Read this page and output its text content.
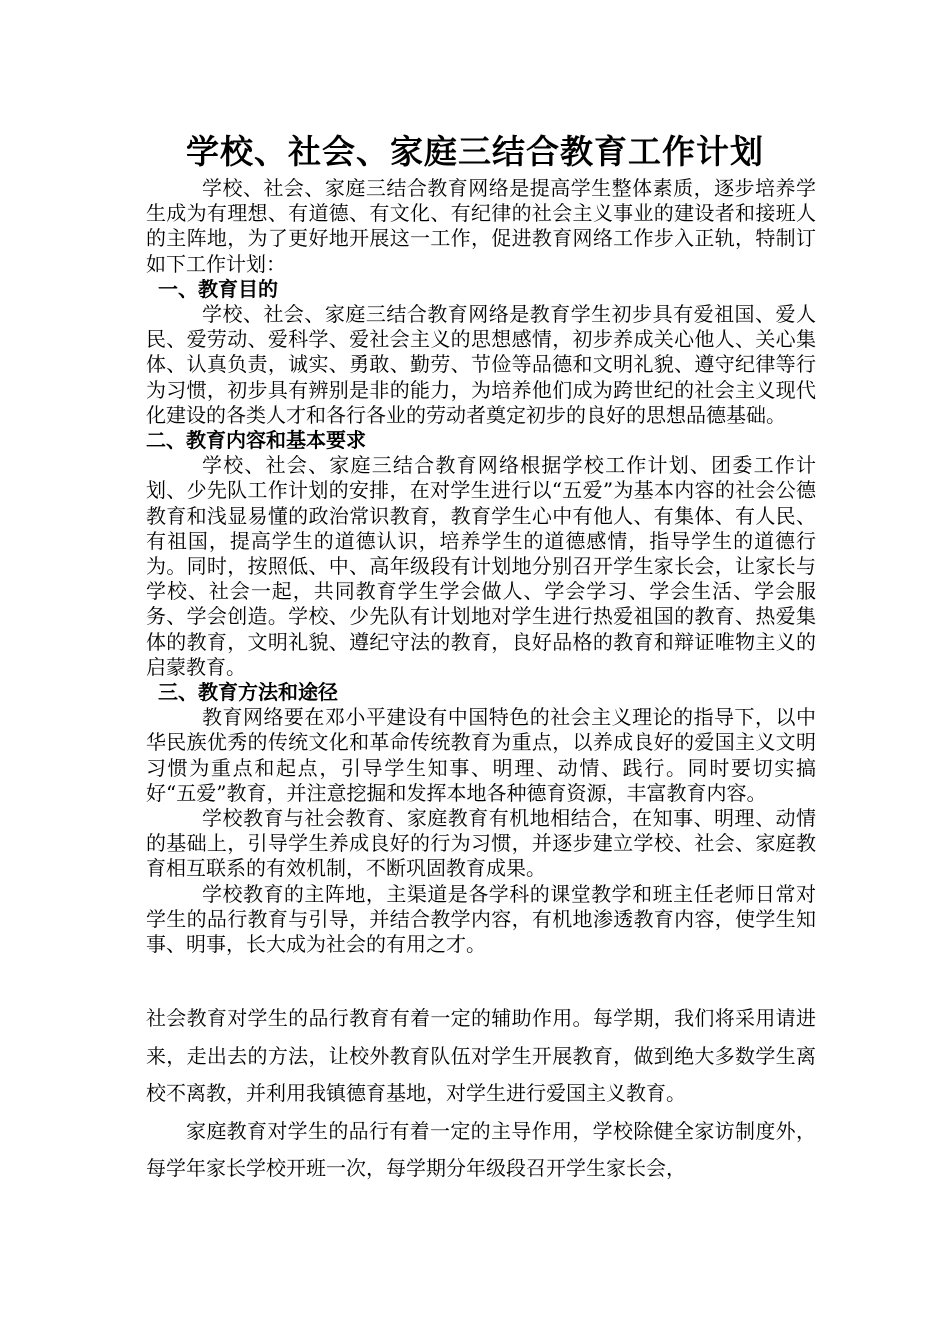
学校、社会、家庭三结合教育工作计划

学校、社会、家庭三结合教育网络是提高学生整体素质，逐步培养学生成为有理想、有道德、有文化、有纪律的社会主义事业的建设者和接班人的主阵地，为了更好地开展这一工作，促进教育网络工作步入正轨，特制订如下工作计划：

一、教育目的

学校、社会、家庭三结合教育网络是教育学生初步具有爱祖国、爱人民、爱劳动、爱科学、爱社会主义的思想感情，初步养成关心他人、关心集体、认真负责，诚实、勇敢、勤劳、节俭等品德和文明礼貌、遵守纪律等行为习惯，初步具有辨别是非的能力，为培养他们成为跨世纪的社会主义现代化建设的各类人才和各行各业的劳动者奠定初步的良好的思想品德基础。

二、教育内容和基本要求

学校、社会、家庭三结合教育网络根据学校工作计划、团委工作计划、少先队工作计划的安排，在对学生进行以“五爱”为基本内容的社会公德教育和浅显易懂的政治常识教育，教育学生心中有他人、有集体、有人民、有祖国，提高学生的道德认识，培养学生的道德感情，指导学生的道德行为。同时，按照低、中、高年级段有计划地分别召开学生家长会，让家长与学校、社会一起，共同教育学生学会做人、学会学习、学会生活、学会服务、学会创造。学校、少先队有计划地对学生进行热爱祖国的教育、热爱集体的教育，文明礼貌、遵纪守法的教育，良好品格的教育和辩证唯物主义的启蒙教育。

三、教育方法和途径

教育网络要在邓小平建设有中国特色的社会主义理论的指导下，以中华民族优秀的传统文化和革命传统教育为重点，以养成良好的爱国主义文明习惯为重点和起点，引导学生知事、明理、动情、践行。同时要切实搞好“五爱”教育，并注意挖掘和发挥本地各种德育资源，丰富教育内容。

学校教育与社会教育、家庭教育有机地相结合，在知事、明理、动情的基础上，引导学生养成良好的行为习惯，并逐步建立学校、社会、家庭教育相互联系的有效机制，不断巩固教育成果。

学校教育的主阵地，主渠道是各学科的课堂教学和班主任老师日常对学生的品行教育与引导，并结合教学内容，有机地渗透教育内容，使学生知事、明事，长大成为社会的有用之才。

社会教育对学生的品行教育有着一定的辅助作用。每学期，我们将采用请进来，走出去的方法，让校外教育队伍对学生开展教育，做到绝大多数学生离校不离教，并利用我镇德育基地，对学生进行爱国主义教育。

家庭教育对学生的品行有着一定的主导作用，学校除健全家访制度外，每学年家长学校开班一次，每学期分年级段召开学生家长会，
